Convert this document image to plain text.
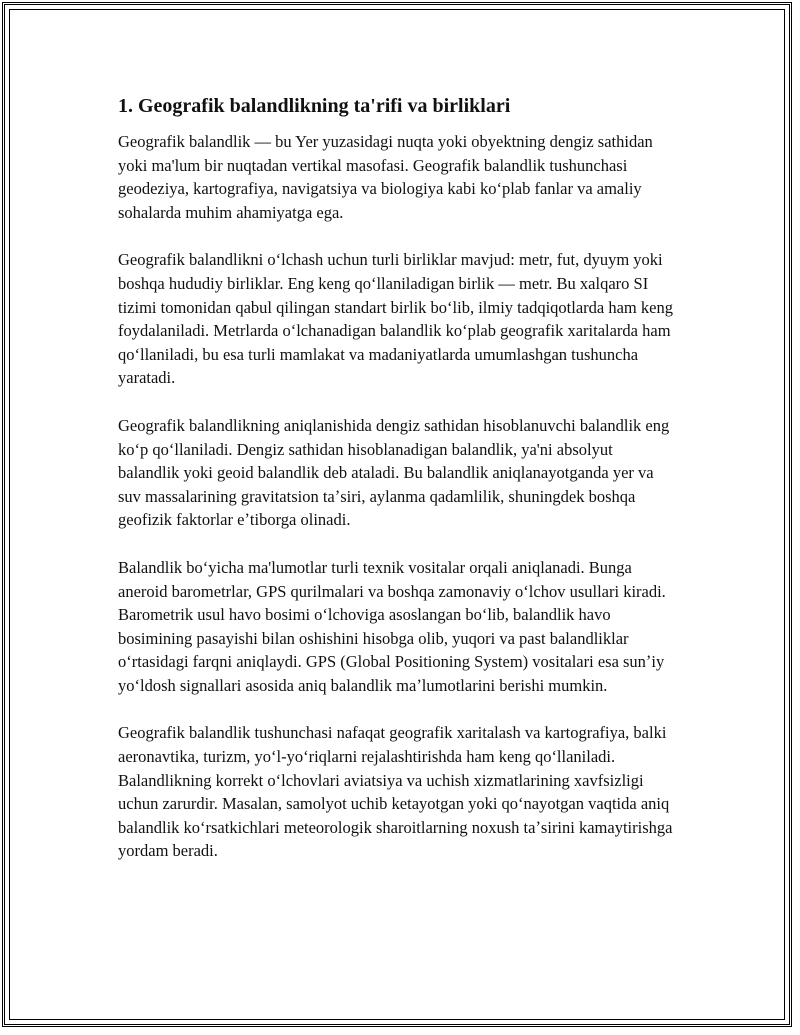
1. Geografik balandlikning ta'rifi va birliklari

Geografik balandlik — bu Yer yuzasidagi nuqta yoki obyektning dengiz sathidan yoki ma'lum bir nuqtadan vertikal masofasi. Geografik balandlik tushunchasi geodeziya, kartografiya, navigatsiya va biologiya kabi koʻplab fanlar va amaliy sohalarda muhim ahamiyatga ega.

Geografik balandlikni oʻlchash uchun turli birliklar mavjud: metr, fut, dyuym yoki boshqa hududiy birliklar. Eng keng qoʻllaniladigan birlik — metr. Bu xalqaro SI tizimi tomonidan qabul qilingan standart birlik boʻlib, ilmiy tadqiqotlarda ham keng foydalaniladi. Metrlarda oʻlchanadigan balandlik koʻplab geografik xaritalarda ham qoʻllaniladi, bu esa turli mamlakat va madaniyatlarda umumlashgan tushuncha yaratadi.

Geografik balandlikning aniqlanishida dengiz sathidan hisoblanuvchi balandlik eng koʻp qoʻllaniladi. Dengiz sathidan hisoblanadigan balandlik, ya'ni absolyut balandlik yoki geoid balandlik deb ataladi. Bu balandlik aniqlanayotganda yer va suv massalarining gravitatsion taʼsiri, aylanma qadamlilik, shuningdek boshqa geofizik faktorlar eʼtiborga olinadi.

Balandlik boʻyicha ma'lumotlar turli texnik vositalar orqali aniqlanadi. Bunga aneroid barometrlar, GPS qurilmalari va boshqa zamonaviy oʻlchov usullari kiradi. Barometrik usul havo bosimi oʻlchoviga asoslangan boʻlib, balandlik havo bosimining pasayishi bilan oshishini hisobga olib, yuqori va past balandliklar oʻrtasidagi farqni aniqlaydi. GPS (Global Positioning System) vositalari esa sunʼiy yoʻldosh signallari asosida aniq balandlik maʼlumotlarini berishi mumkin.

Geografik balandlik tushunchasi nafaqat geografik xaritalash va kartografiya, balki aeronavtika, turizm, yoʻl-yoʻriqlarni rejalashtirishda ham keng qoʻllaniladi. Balandlikning korrekt oʻlchovlari aviatsiya va uchish xizmatlarining xavfsizligi uchun zarurdir. Masalan, samolyot uchib ketayotgan yoki qoʻnayotgan vaqtida aniq balandlik koʻrsatkichlari meteorologik sharoitlarning noxush taʼsirini kamaytirishga yordam beradi.
